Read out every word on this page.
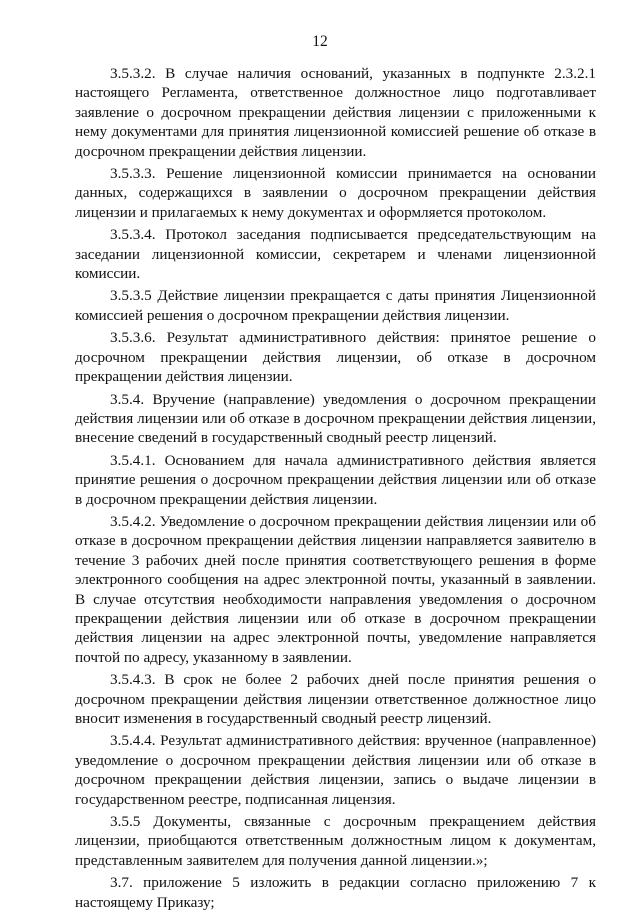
12

3.5.3.2. В случае наличия оснований, указанных в подпункте 2.3.2.1 настоящего Регламента, ответственное должностное лицо подготавливает заявление о досрочном прекращении действия лицензии с приложенными к нему документами для принятия лицензионной комиссией решение об отказе в досрочном прекращении действия лицензии.

3.5.3.3. Решение лицензионной комиссии принимается на основании данных, содержащихся в заявлении о досрочном прекращении действия лицензии и прилагаемых к нему документах и оформляется протоколом.

3.5.3.4. Протокол заседания подписывается председательствующим на заседании лицензионной комиссии, секретарем и членами лицензионной комиссии.

3.5.3.5 Действие лицензии прекращается с даты принятия Лицензионной комиссией решения о досрочном прекращении действия лицензии.

3.5.3.6. Результат административного действия: принятое решение о досрочном прекращении действия лицензии, об отказе в досрочном прекращении действия лицензии.

3.5.4. Вручение (направление) уведомления о досрочном прекращении действия лицензии или об отказе в досрочном прекращении действия лицензии, внесение сведений в государственный сводный реестр лицензий.

3.5.4.1. Основанием для начала административного действия является принятие решения о досрочном прекращении действия лицензии или об отказе в досрочном прекращении действия лицензии.

3.5.4.2. Уведомление о досрочном прекращении действия лицензии или об отказе в досрочном прекращении действия лицензии направляется заявителю в течение 3 рабочих дней после принятия соответствующего решения в форме электронного сообщения на адрес электронной почты, указанный в заявлении. В случае отсутствия необходимости направления уведомления о досрочном прекращении действия лицензии или об отказе в досрочном прекращении действия лицензии на адрес электронной почты, уведомление направляется почтой по адресу, указанному в заявлении.

3.5.4.3. В срок не более 2 рабочих дней после принятия решения о досрочном прекращении действия лицензии ответственное должностное лицо вносит изменения в государственный сводный реестр лицензий.

3.5.4.4. Результат административного действия: врученное (направленное) уведомление о досрочном прекращении действия лицензии или об отказе в досрочном прекращении действия лицензии, запись о выдаче лицензии в государственном реестре, подписанная лицензия.

3.5.5 Документы, связанные с досрочным прекращением действия лицензии, приобщаются ответственным должностным лицом к документам, представленным заявителем для получения данной лицензии.»;

3.7. приложение 5 изложить в редакции согласно приложению 7 к настоящему Приказу;
